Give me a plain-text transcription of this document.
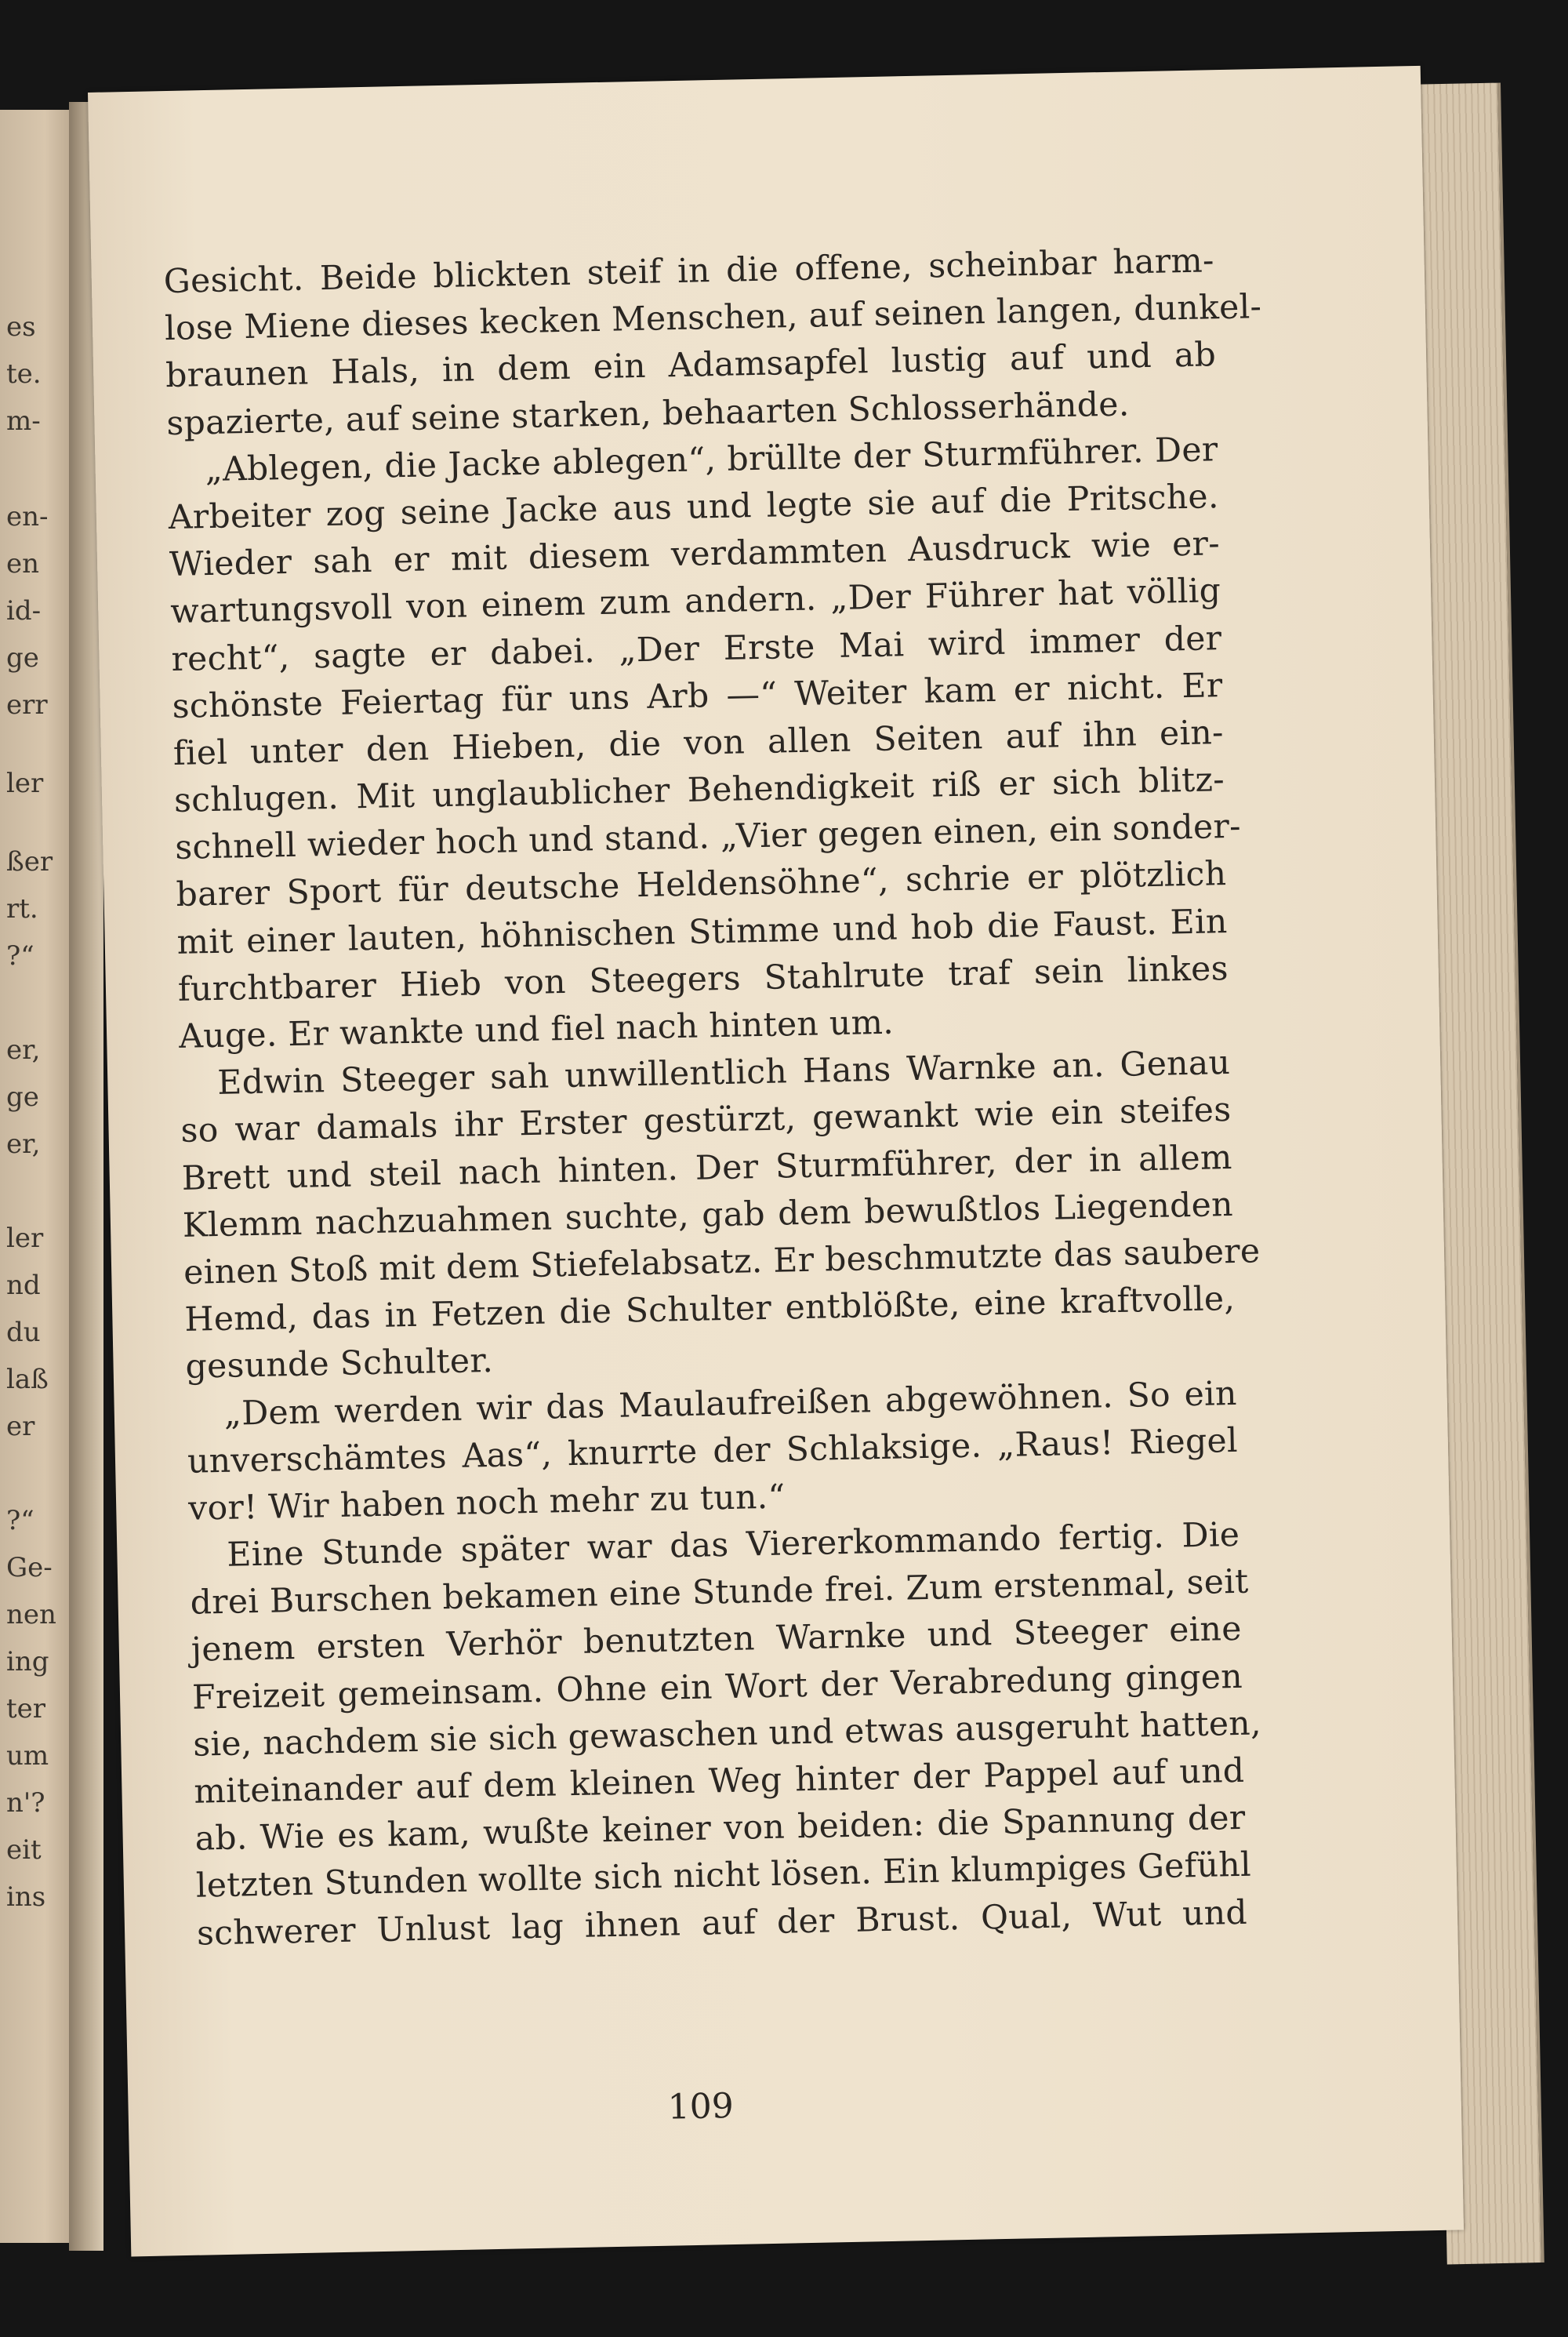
es
te.
m-
en-
en
id-
ge
err
ler
ßer
rt.
?“
er,
ge
er,
ler
nd
du
laß
er
?“
Ge-
nen
ing
ter
um
n'?
eit
ins
Gesicht. Beide blickten steif in die offene, scheinbar harm-
lose Miene dieses kecken Menschen, auf seinen langen, dunkel-
braunen Hals, in dem ein Adamsapfel lustig auf und ab
spazierte, auf seine starken, behaarten Schlosserhände.
„Ablegen, die Jacke ablegen“, brüllte der Sturmführer. Der
Arbeiter zog seine Jacke aus und legte sie auf die Pritsche.
Wieder sah er mit diesem verdammten Ausdruck wie er-
wartungsvoll von einem zum andern. „Der Führer hat völlig
recht“, sagte er dabei. „Der Erste Mai wird immer der
schönste Feiertag für uns Arb —“ Weiter kam er nicht. Er
fiel unter den Hieben, die von allen Seiten auf ihn ein-
schlugen. Mit unglaublicher Behendigkeit riß er sich blitz-
schnell wieder hoch und stand. „Vier gegen einen, ein sonder-
barer Sport für deutsche Heldensöhne“, schrie er plötzlich
mit einer lauten, höhnischen Stimme und hob die Faust. Ein
furchtbarer Hieb von Steegers Stahlrute traf sein linkes
Auge. Er wankte und fiel nach hinten um.
Edwin Steeger sah unwillentlich Hans Warnke an. Genau
so war damals ihr Erster gestürzt, gewankt wie ein steifes
Brett und steil nach hinten. Der Sturmführer, der in allem
Klemm nachzuahmen suchte, gab dem bewußtlos Liegenden
einen Stoß mit dem Stiefelabsatz. Er beschmutzte das saubere
Hemd, das in Fetzen die Schulter entblößte, eine kraftvolle,
gesunde Schulter.
„Dem werden wir das Maulaufreißen abgewöhnen. So ein
unverschämtes Aas“, knurrte der Schlaksige. „Raus! Riegel
vor! Wir haben noch mehr zu tun.“
Eine Stunde später war das Viererkommando fertig. Die
drei Burschen bekamen eine Stunde frei. Zum erstenmal, seit
jenem ersten Verhör benutzten Warnke und Steeger eine
Freizeit gemeinsam. Ohne ein Wort der Verabredung gingen
sie, nachdem sie sich gewaschen und etwas ausgeruht hatten,
miteinander auf dem kleinen Weg hinter der Pappel auf und
ab. Wie es kam, wußte keiner von beiden: die Spannung der
letzten Stunden wollte sich nicht lösen. Ein klumpiges Gefühl
schwerer Unlust lag ihnen auf der Brust. Qual, Wut und
109
